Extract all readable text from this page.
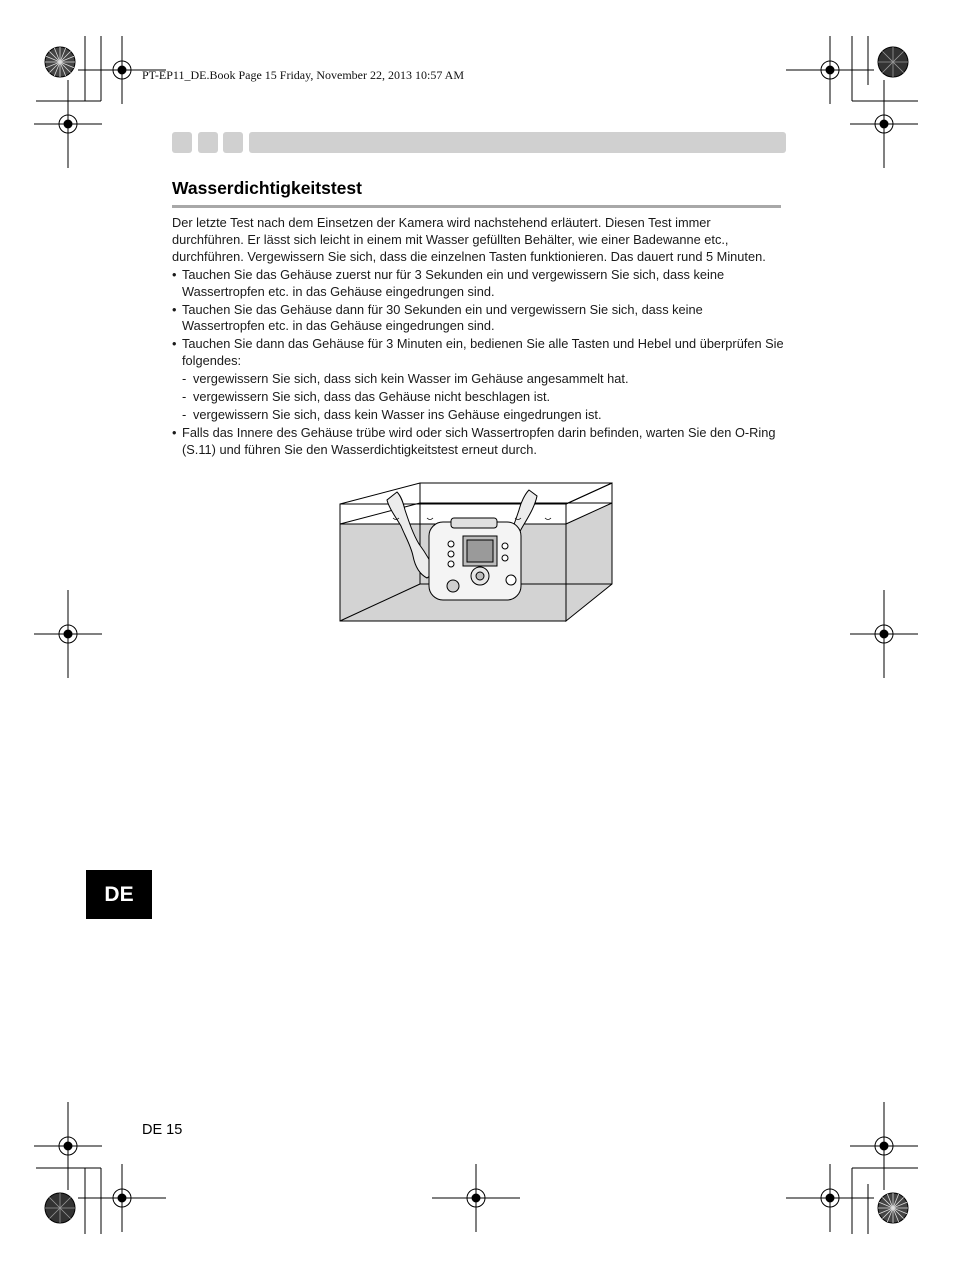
PT-EP11_DE.Book Page 15 Friday, November 22, 2013 10:57 AM
Wasserdichtigkeitstest

Der letzte Test nach dem Einsetzen der Kamera wird nachstehend erläutert. Diesen Test immer durchführen. Er lässt sich leicht in einem mit Wasser gefüllten Behälter, wie einer Badewanne etc., durchführen. Vergewissern Sie sich, dass die einzelnen Tasten funktionieren. Das dauert rund 5 Minuten.

• Tauchen Sie das Gehäuse zuerst nur für 3 Sekunden ein und vergewissern Sie sich, dass keine Wassertropfen etc. in das Gehäuse eingedrungen sind.
• Tauchen Sie das Gehäuse dann für 30 Sekunden ein und vergewissern Sie sich, dass keine Wassertropfen etc. in das Gehäuse eingedrungen sind.
• Tauchen Sie dann das Gehäuse für 3 Minuten ein, bedienen Sie alle Tasten und Hebel und überprüfen Sie folgendes:
- vergewissern Sie sich, dass sich kein Wasser im Gehäuse angesammelt hat.
- vergewissern Sie sich, dass das Gehäuse nicht beschlagen ist.
- vergewissern Sie sich, dass kein Wasser ins Gehäuse eingedrungen ist.
• Falls das Innere des Gehäuse trübe wird oder sich Wassertropfen darin befinden, warten Sie den O-Ring (S.11) und führen Sie den Wasserdichtigkeitstest erneut durch.
DE
DE 15
